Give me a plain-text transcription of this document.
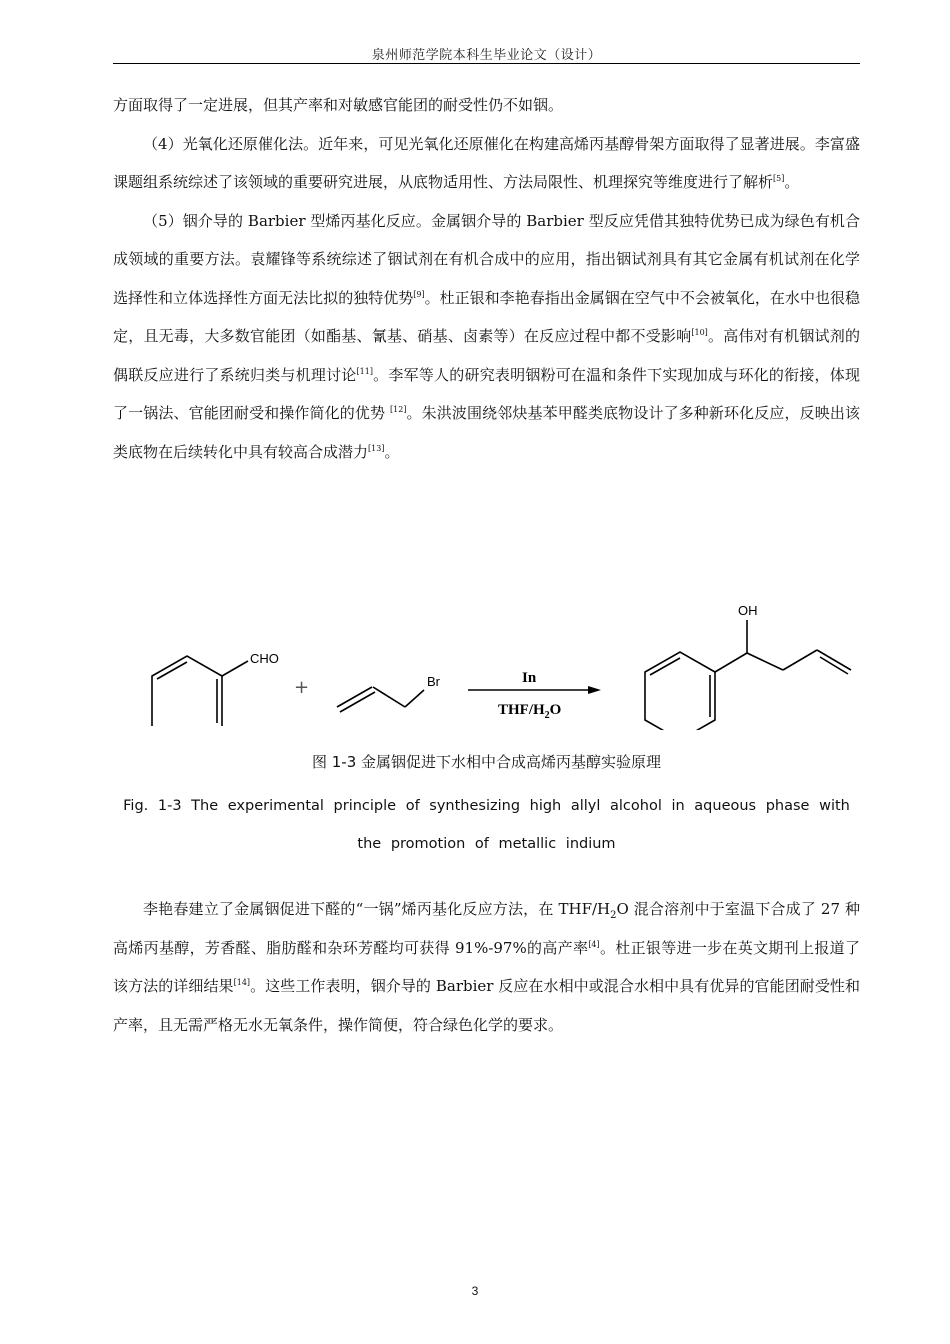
泉州师范学院本科生毕业论文（设计）

方面取得了一定进展，但其产率和对敏感官能团的耐受性仍不如铟。

（4）光氧化还原催化法。近年来，可见光氧化还原催化在构建高烯丙基醇骨架方面取得了显著进展。李富盛课题组系统综述了该领域的重要研究进展，从底物适用性、方法局限性、机理探究等维度进行了解析[5]。

（5）铟介导的 Barbier 型烯丙基化反应。金属铟介导的 Barbier 型反应凭借其独特优势已成为绿色有机合成领域的重要方法。袁耀锋等系统综述了铟试剂在有机合成中的应用，指出铟试剂具有其它金属有机试剂在化学选择性和立体选择性方面无法比拟的独特优势[9]。杜正银和李艳春指出金属铟在空气中不会被氧化，在水中也很稳定，且无毒，大多数官能团（如酯基、氰基、硝基、卤素等）在反应过程中都不受影响[10]。高伟对有机铟试剂的偶联反应进行了系统归类与机理讨论[11]。李军等人的研究表明铟粉可在温和条件下实现加成与环化的衔接，体现了一锅法、官能团耐受和操作简化的优势 [12]。朱洪波围绕邻炔基苯甲醛类底物设计了多种新环化反应，反映出该类底物在后续转化中具有较高合成潜力[13]。

CHO
+	Br	In
THF/$H_2O$
OH
图 1-3 金属铟促进下水相中合成高烯丙基醇实验原理
Fig. 1-3 The experimental principle of synthesizing high allyl alcohol in aqueous phase with the promotion of metallic indium

李艳春建立了金属铟促进下醛的“一锅”烯丙基化反应方法，在 THF/$H_2O$ 混合溶剂中于室温下合成了 27 种高烯丙基醇，芳香醛、脂肪醛和杂环芳醛均可获得 91%-97%的高产率[4]。杜正银等进一步在英文期刊上报道了该方法的详细结果[14]。这些工作表明，铟介导的 Barbier 反应在水相中或混合水相中具有优异的官能团耐受性和产率，且无需严格无水无氧条件，操作简便，符合绿色化学的要求。

3
